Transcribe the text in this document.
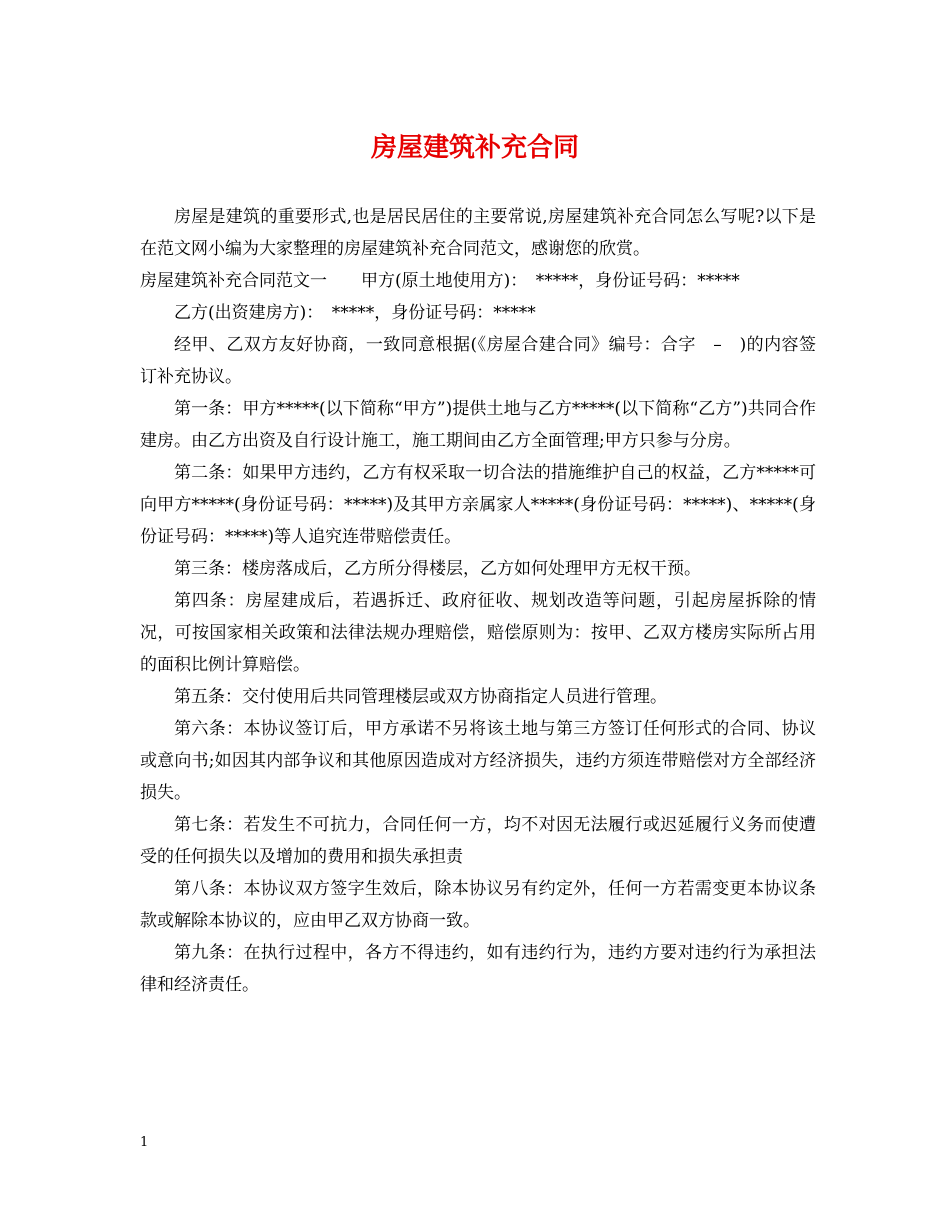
房屋建筑补充合同

房屋是建筑的重要形式,也是居民居住的主要常说,房屋建筑补充合同怎么写呢?以下是在范文网小编为大家整理的房屋建筑补充合同范文，感谢您的欣赏。

房屋建筑补充合同范文一　　甲方(原土地使用方)：　*****，身份证号码：*****

乙方(出资建房方)：　*****，身份证号码：*****

经甲、乙双方友好协商，一致同意根据(《房屋合建合同》编号：合字　–　)的内容签订补充协议。

第一条：甲方*****(以下简称“甲方”)提供土地与乙方*****(以下简称“乙方”)共同合作建房。由乙方出资及自行设计施工，施工期间由乙方全面管理;甲方只参与分房。

第二条：如果甲方违约，乙方有权采取一切合法的措施维护自己的权益，乙方*****可向甲方*****(身份证号码：*****)及其甲方亲属家人*****(身份证号码：*****)、*****(身份证号码：*****)等人追究连带赔偿责任。

第三条：楼房落成后，乙方所分得楼层，乙方如何处理甲方无权干预。

第四条：房屋建成后，若遇拆迁、政府征收、规划改造等问题，引起房屋拆除的情况，可按国家相关政策和法律法规办理赔偿，赔偿原则为：按甲、乙双方楼房实际所占用的面积比例计算赔偿。

第五条：交付使用后共同管理楼层或双方协商指定人员进行管理。

第六条：本协议签订后，甲方承诺不另将该土地与第三方签订任何形式的合同、协议或意向书;如因其内部争议和其他原因造成对方经济损失，违约方须连带赔偿对方全部经济损失。

第七条：若发生不可抗力，合同任何一方，均不对因无法履行或迟延履行义务而使遭受的任何损失以及增加的费用和损失承担责

第八条：本协议双方签字生效后，除本协议另有约定外，任何一方若需变更本协议条款或解除本协议的，应由甲乙双方协商一致。

第九条：在执行过程中，各方不得违约，如有违约行为，违约方要对违约行为承担法律和经济责任。

1
